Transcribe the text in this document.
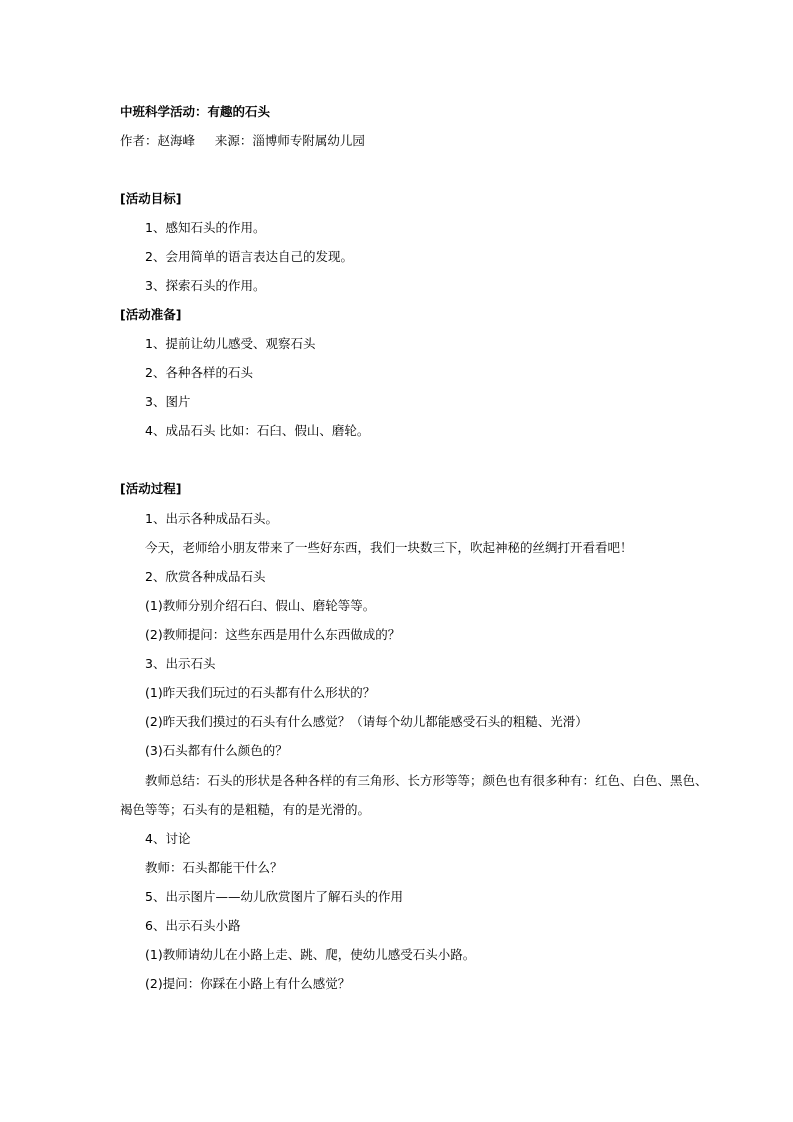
中班科学活动：有趣的石头
作者：赵海峰     来源：淄博师专附属幼儿园
[活动目标]
1、感知石头的作用。
2、会用简单的语言表达自己的发现。
3、探索石头的作用。
[活动准备]
1、提前让幼儿感受、观察石头
2、各种各样的石头
3、图片
4、成品石头 比如：石臼、假山、磨轮。
[活动过程]
1、出示各种成品石头。
今天，老师给小朋友带来了一些好东西，我们一块数三下，吹起神秘的丝绸打开看看吧！
2、欣赏各种成品石头
(1)教师分别介绍石臼、假山、磨轮等等。
(2)教师提问：这些东西是用什么东西做成的？
3、出示石头
(1)昨天我们玩过的石头都有什么形状的？
(2)昨天我们摸过的石头有什么感觉？（请每个幼儿都能感受石头的粗糙、光滑）
(3)石头都有什么颜色的？
教师总结：石头的形状是各种各样的有三角形、长方形等等；颜色也有很多种有：红色、白色、黑色、
褐色等等；石头有的是粗糙，有的是光滑的。
4、讨论
教师：石头都能干什么？
5、出示图片——幼儿欣赏图片了解石头的作用
6、出示石头小路
(1)教师请幼儿在小路上走、跳、爬，使幼儿感受石头小路。
(2)提问：你踩在小路上有什么感觉？
